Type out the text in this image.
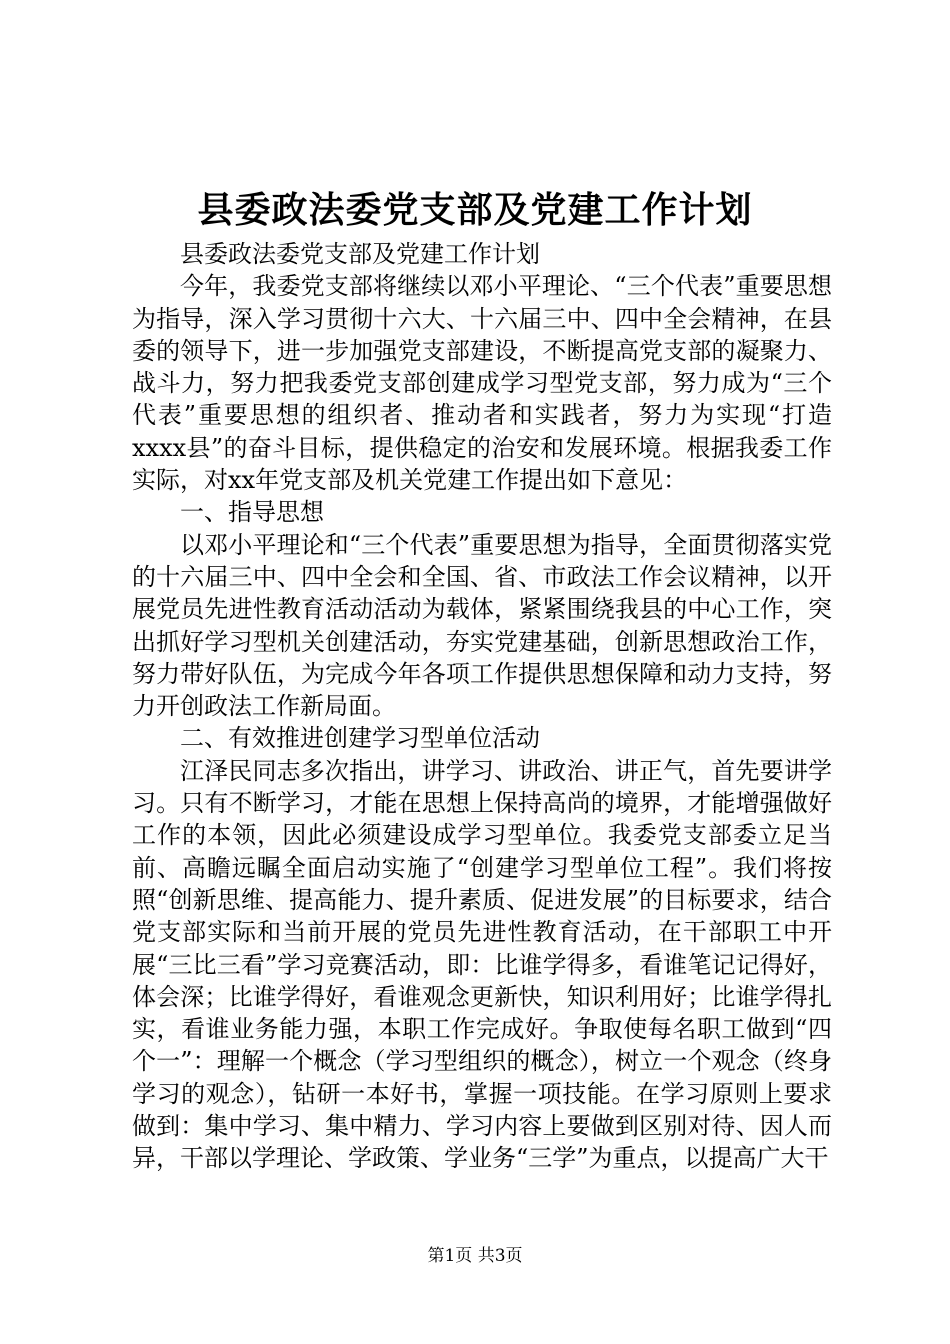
县委政法委党支部及党建工作计划

县委政法委党支部及党建工作计划

今年，我委党支部将继续以邓小平理论、“三个代表”重要思想为指导，深入学习贯彻十六大、十六届三中、四中全会精神，在县委的领导下，进一步加强党支部建设，不断提高党支部的凝聚力、战斗力，努力把我委党支部创建成学习型党支部，努力成为“三个代表”重要思想的组织者、推动者和实践者，努力为实现“打造xxxx县”的奋斗目标，提供稳定的治安和发展环境。根据我委工作实际，对xx年党支部及机关党建工作提出如下意见：

一、指导思想

以邓小平理论和“三个代表”重要思想为指导，全面贯彻落实党的十六届三中、四中全会和全国、省、市政法工作会议精神，以开展党员先进性教育活动活动为载体，紧紧围绕我县的中心工作，突出抓好学习型机关创建活动，夯实党建基础，创新思想政治工作，努力带好队伍，为完成今年各项工作提供思想保障和动力支持，努力开创政法工作新局面。

二、有效推进创建学习型单位活动

江泽民同志多次指出，讲学习、讲政治、讲正气，首先要讲学习。只有不断学习，才能在思想上保持高尚的境界，才能增强做好工作的本领，因此必须建设成学习型单位。我委党支部委立足当前、高瞻远瞩全面启动实施了“创建学习型单位工程”。我们将按照“创新思维、提高能力、提升素质、促进发展”的目标要求，结合党支部实际和当前开展的党员先进性教育活动，在干部职工中开展“三比三看”学习竞赛活动，即：比谁学得多，看谁笔记记得好，体会深；比谁学得好，看谁观念更新快，知识利用好；比谁学得扎实，看谁业务能力强，本职工作完成好。争取使每名职工做到“四个一”：理解一个概念（学习型组织的概念），树立一个观念（终身学习的观念），钻研一本好书，掌握一项技能。在学习原则上要求做到：集中学习、集中精力、学习内容上要做到区别对待、因人而异，干部以学理论、学政策、学业务“三学”为重点，以提高广大干

第1页 共3页
